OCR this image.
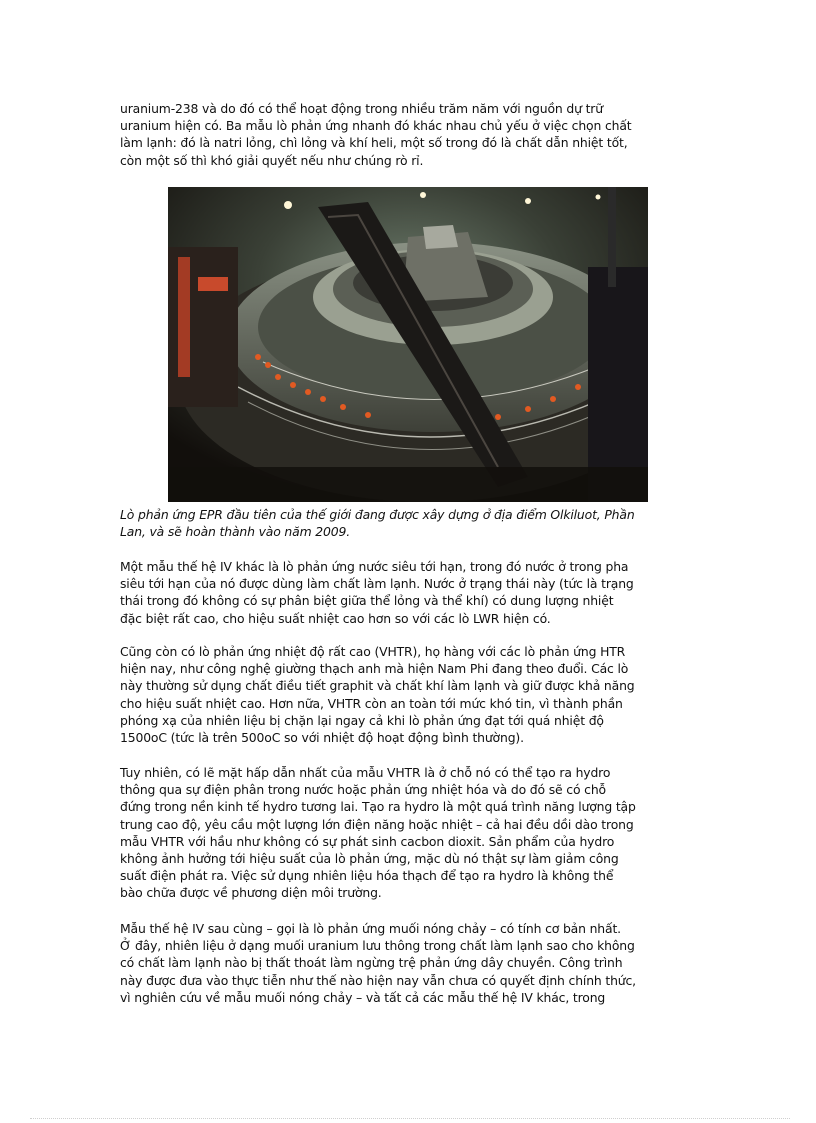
uranium-238 và do đó có thể hoạt động trong nhiều trăm năm với nguồn dự trữ
uranium hiện có. Ba mẫu lò phản ứng nhanh đó khác nhau chủ yếu ở việc chọn chất
làm lạnh: đó là natri lỏng, chì lỏng và khí heli, một số trong đó là chất dẫn nhiệt tốt,
còn một số thì khó giải quyết nếu như chúng rò rỉ.
Lò phản ứng EPR đầu tiên của thế giới đang được xây dựng ở địa điểm Olkiluot, Phần
Lan, và sẽ hoàn thành vào năm 2009.
Một mẫu thế hệ IV khác là lò phản ứng nước siêu tới hạn, trong đó nước ở trong pha
siêu tới hạn của nó được dùng làm chất làm lạnh. Nước ở trạng thái này (tức là trạng
thái trong đó không có sự phân biệt giữa thể lỏng và thể khí) có dung lượng nhiệt
đặc biệt rất cao, cho hiệu suất nhiệt cao hơn so với các lò LWR hiện có.
Cũng còn có lò phản ứng nhiệt độ rất cao (VHTR), họ hàng với các lò phản ứng HTR
hiện nay, như công nghệ giường thạch anh mà hiện Nam Phi đang theo đuổi. Các lò
này thường sử dụng chất điều tiết graphit và chất khí làm lạnh và giữ được khả năng
cho hiệu suất nhiệt cao. Hơn nữa, VHTR còn an toàn tới mức khó tin, vì thành phần
phóng xạ của nhiên liệu bị chặn lại ngay cả khi lò phản ứng đạt tới quá nhiệt độ
1500oC (tức là trên 500oC so với nhiệt độ hoạt động bình thường).
Tuy nhiên, có lẽ mặt hấp dẫn nhất của mẫu VHTR là ở chỗ nó có thể tạo ra hydro
thông qua sự điện phân trong nước hoặc phản ứng nhiệt hóa và do đó sẽ có chỗ
đứng trong nền kinh tế hydro tương lai. Tạo ra hydro là một quá trình năng lượng tập
trung cao độ, yêu cầu một lượng lớn điện năng hoặc nhiệt – cả hai đều dồi dào trong
mẫu VHTR với hầu như không có sự phát sinh cacbon dioxit. Sản phẩm của hydro
không ảnh hưởng tới hiệu suất của lò phản ứng, mặc dù nó thật sự làm giảm công
suất điện phát ra. Việc sử dụng nhiên liệu hóa thạch để tạo ra hydro là không thể
bào chữa được về phương diện môi trường.
Mẫu thế hệ IV sau cùng – gọi là lò phản ứng muối nóng chảy – có tính cơ bản nhất.
Ở đây, nhiên liệu ở dạng muối uranium lưu thông trong chất làm lạnh sao cho không
có chất làm lạnh nào bị thất thoát làm ngừng trệ phản ứng dây chuyền. Công trình
này được đưa vào thực tiễn như thế nào hiện nay vẫn chưa có quyết định chính thức,
vì nghiên cứu về mẫu muối nóng chảy – và tất cả các mẫu thế hệ IV khác, trong
